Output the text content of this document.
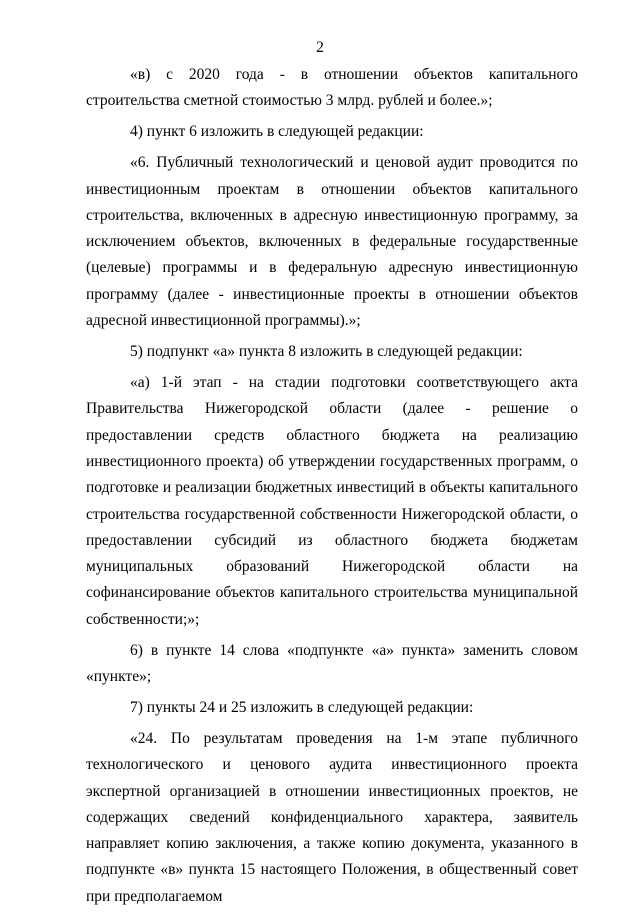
2

«в) с 2020 года - в отношении объектов капитального строительства сметной стоимостью 3 млрд. рублей и более.»;

4) пункт 6 изложить в следующей редакции:

«6. Публичный технологический и ценовой аудит проводится по инвестиционным проектам в отношении объектов капитального строительства, включенных в адресную инвестиционную программу, за исключением объектов, включенных в федеральные государственные (целевые) программы и в федеральную адресную инвестиционную программу (далее - инвестиционные проекты в отношении объектов адресной инвестиционной программы).»;

5) подпункт «а» пункта 8 изложить в следующей редакции:

«а) 1-й этап - на стадии подготовки соответствующего акта Правительства Нижегородской области (далее - решение о предоставлении средств областного бюджета на реализацию инвестиционного проекта) об утверждении государственных программ, о подготовке и реализации бюджетных инвестиций в объекты капитального строительства государственной собственности Нижегородской области, о предоставлении субсидий из областного бюджета бюджетам муниципальных образований Нижегородской области на софинансирование объектов капитального строительства муниципальной собственности;»;

6) в пункте 14 слова «подпункте «а» пункта» заменить словом «пункте»;

7) пункты 24 и 25 изложить в следующей редакции:

«24. По результатам проведения на 1-м этапе публичного технологического и ценового аудита инвестиционного проекта экспертной организацией в отношении инвестиционных проектов, не содержащих сведений конфиденциального характера, заявитель направляет копию заключения, а также копию документа, указанного в подпункте «в» пункта 15 настоящего Положения, в общественный совет при предполагаемом
